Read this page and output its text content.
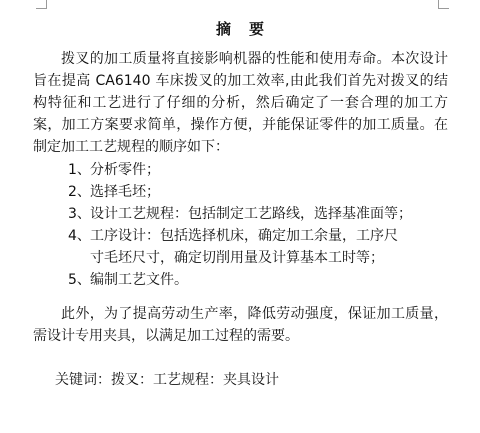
摘要

拨叉的加工质量将直接影响机器的性能和使用寿命。本次设计旨在提高 CA6140 车床拨叉的加工效率,由此我们首先对拨叉的结构特征和工艺进行了仔细的分析，然后确定了一套合理的加工方案，加工方案要求简单，操作方便，并能保证零件的加工质量。在制定加工工艺规程的顺序如下：

1、 分析零件；
2、 选择毛坯；
3、 设计工艺规程：包括制定工艺路线，选择基准面等；
4、 工序设计：包括选择机床，确定加工余量，工序尺
寸毛坯尺寸，确定切削用量及计算基本工时等；
5、 编制工艺文件。

此外，为了提高劳动生产率，降低劳动强度，保证加工质量，需设计专用夹具，以满足加工过程的需要。

关键词：拨叉：工艺规程：夹具设计
